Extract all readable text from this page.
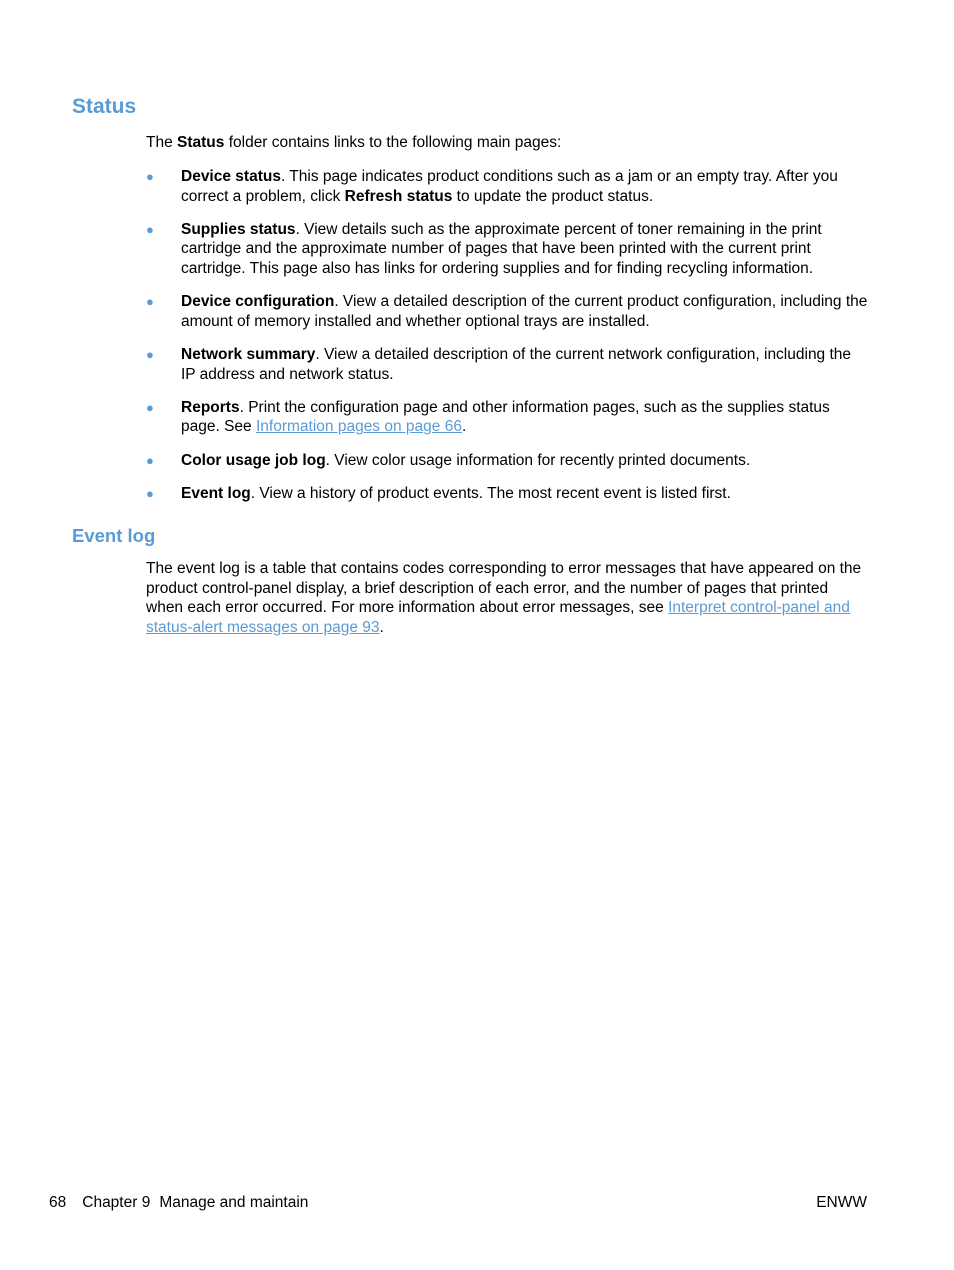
Status

The Status folder contains links to the following main pages:

● Device status. This page indicates product conditions such as a jam or an empty tray. After you correct a problem, click Refresh status to update the product status.
● Supplies status. View details such as the approximate percent of toner remaining in the print cartridge and the approximate number of pages that have been printed with the current print cartridge. This page also has links for ordering supplies and for finding recycling information.
● Device configuration. View a detailed description of the current product configuration, including the amount of memory installed and whether optional trays are installed.
● Network summary. View a detailed description of the current network configuration, including the IP address and network status.
● Reports. Print the configuration page and other information pages, such as the supplies status page. See Information pages on page 66.
● Color usage job log. View color usage information for recently printed documents.
● Event log. View a history of product events. The most recent event is listed first.
Event log

The event log is a table that contains codes corresponding to error messages that have appeared on the product control-panel display, a brief description of each error, and the number of pages that printed when each error occurred. For more information about error messages, see Interpret control-panel and status-alert messages on page 93.

68 Chapter 9 Manage and maintain	ENWW
